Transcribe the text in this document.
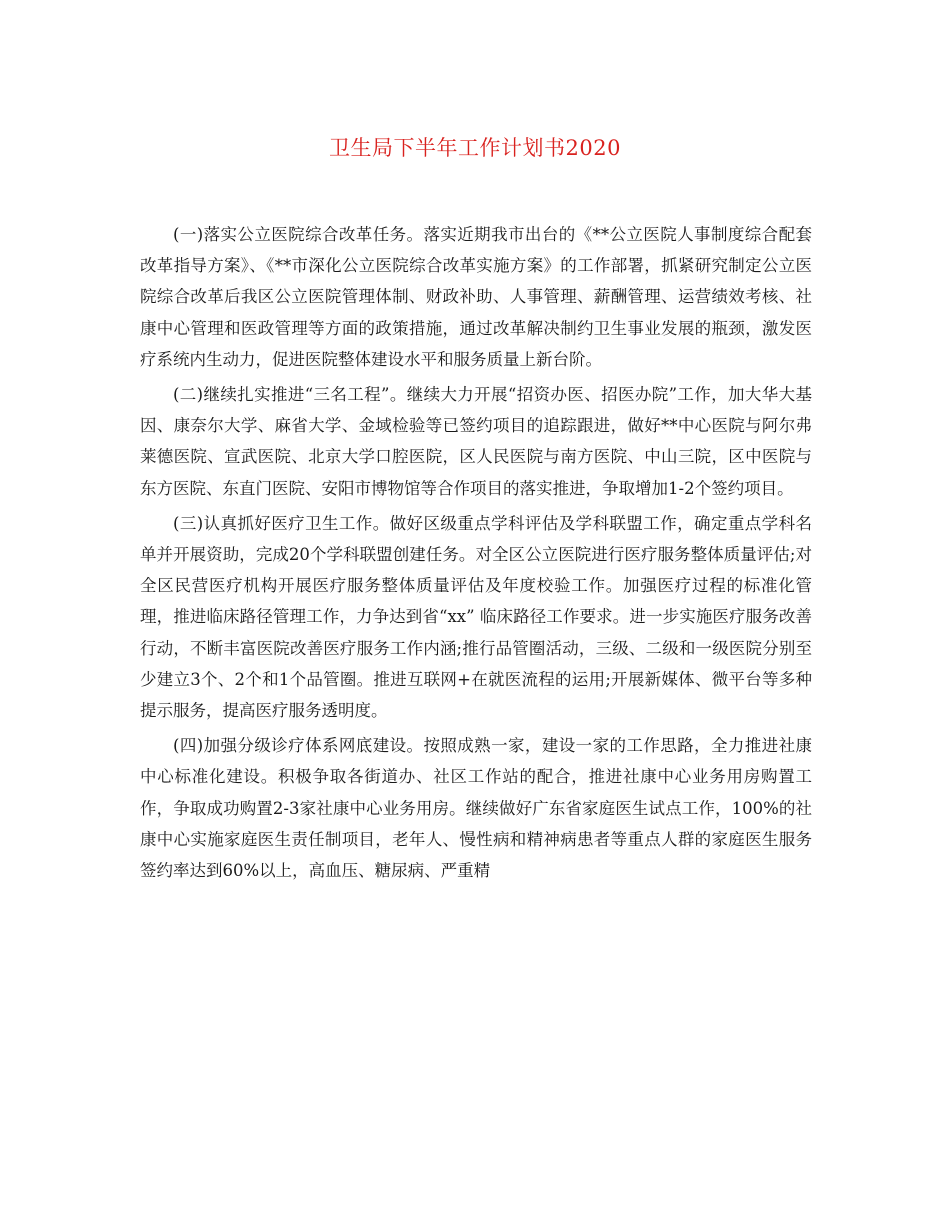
卫生局下半年工作计划书2020

(一)落实公立医院综合改革任务。落实近期我市出台的《**公立医院人事制度综合配套改革指导方案》、《**市深化公立医院综合改革实施方案》的工作部署，抓紧研究制定公立医院综合改革后我区公立医院管理体制、财政补助、人事管理、薪酬管理、运营绩效考核、社康中心管理和医政管理等方面的政策措施，通过改革解决制约卫生事业发展的瓶颈，激发医疗系统内生动力，促进医院整体建设水平和服务质量上新台阶。

(二)继续扎实推进“三名工程”。继续大力开展“招资办医、招医办院”工作，加大华大基因、康奈尔大学、麻省大学、金域检验等已签约项目的追踪跟进，做好**中心医院与阿尔弗莱德医院、宣武医院、北京大学口腔医院，区人民医院与南方医院、中山三院，区中医院与东方医院、东直门医院、安阳市博物馆等合作项目的落实推进，争取增加1-2个签约项目。

(三)认真抓好医疗卫生工作。做好区级重点学科评估及学科联盟工作，确定重点学科名单并开展资助，完成20个学科联盟创建任务。对全区公立医院进行医疗服务整体质量评估;对全区民营医疗机构开展医疗服务整体质量评估及年度校验工作。加强医疗过程的标准化管理，推进临床路径管理工作，力争达到省“xx” 临床路径工作要求。进一步实施医疗服务改善行动，不断丰富医院改善医疗服务工作内涵;推行品管圈活动，三级、二级和一级医院分别至少建立3个、2个和1个品管圈。推进互联网+在就医流程的运用;开展新媒体、微平台等多种提示服务，提高医疗服务透明度。

(四)加强分级诊疗体系网底建设。按照成熟一家，建设一家的工作思路，全力推进社康中心标准化建设。积极争取各街道办、社区工作站的配合，推进社康中心业务用房购置工作，争取成功购置2-3家社康中心业务用房。继续做好广东省家庭医生试点工作，100%的社康中心实施家庭医生责任制项目，老年人、慢性病和精神病患者等重点人群的家庭医生服务签约率达到60%以上，高血压、糖尿病、严重精
